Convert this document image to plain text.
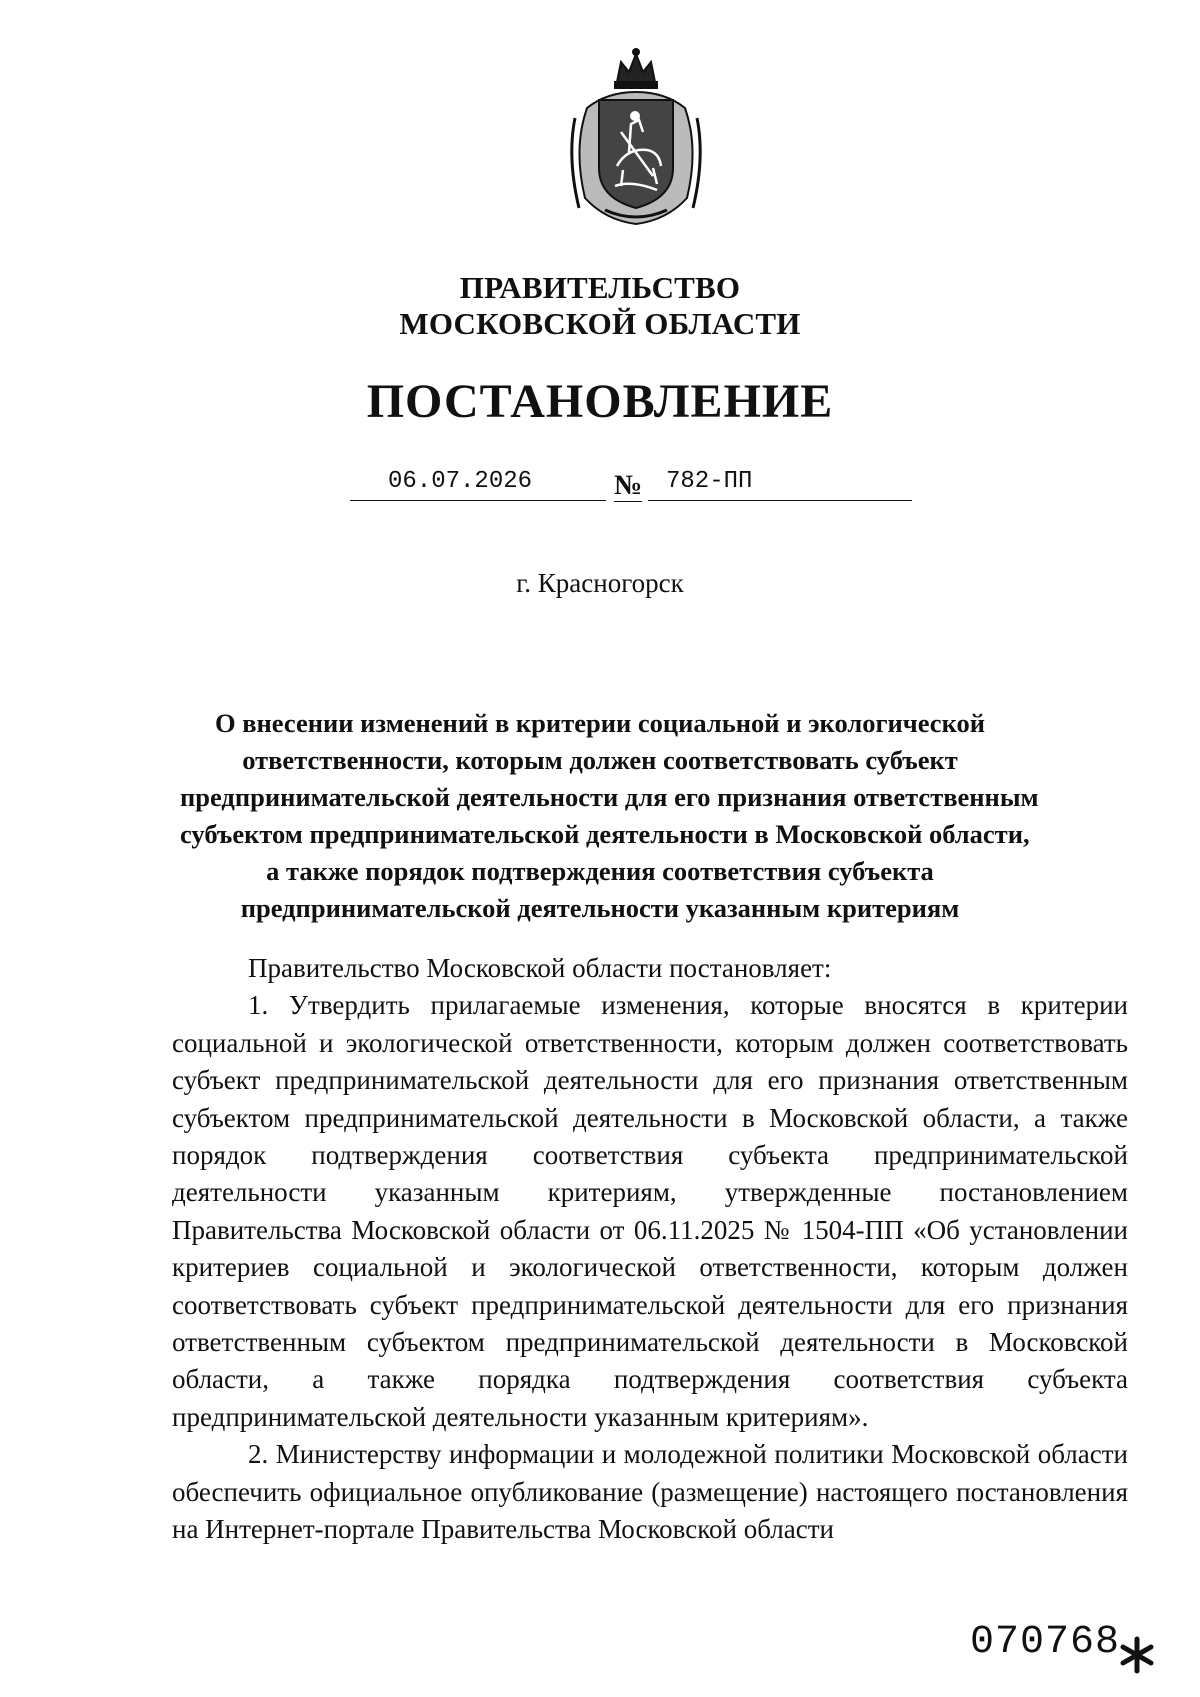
ПРАВИТЕЛЬСТВО
МОСКОВСКОЙ ОБЛАСТИ
ПОСТАНОВЛЕНИЕ
06.07.2026	№ 782-ПП
г. Красногорск
О внесении изменений в критерии социальной и экологической
ответственности, которым должен соответствовать субъект
предпринимательской деятельности для его признания ответственным
субъектом предпринимательской деятельности в Московской области,
а также порядок подтверждения соответствия субъекта
предпринимательской деятельности указанным критериям

Правительство Московской области постановляет:

1. Утвердить прилагаемые изменения, которые вносятся в критерии социальной и экологической ответственности, которым должен соответствовать субъект предпринимательской деятельности для его признания ответственным субъектом предпринимательской деятельности в Московской области, а также порядок подтверждения соответствия субъекта предпринимательской деятельности указанным критериям, утвержденные постановлением Правительства Московской области от 06.11.2025 № 1504-ПП «Об установлении критериев социальной и экологической ответственности, которым должен соответствовать субъект предпринимательской деятельности для его признания ответственным субъектом предпринимательской деятельности в Московской области, а также порядка подтверждения соответствия субъекта предпринимательской деятельности указанным критериям».

2. Министерству информации и молодежной политики Московской области обеспечить официальное опубликование (размещение) настоящего постановления на Интернет-портале Правительства Московской области

070768
